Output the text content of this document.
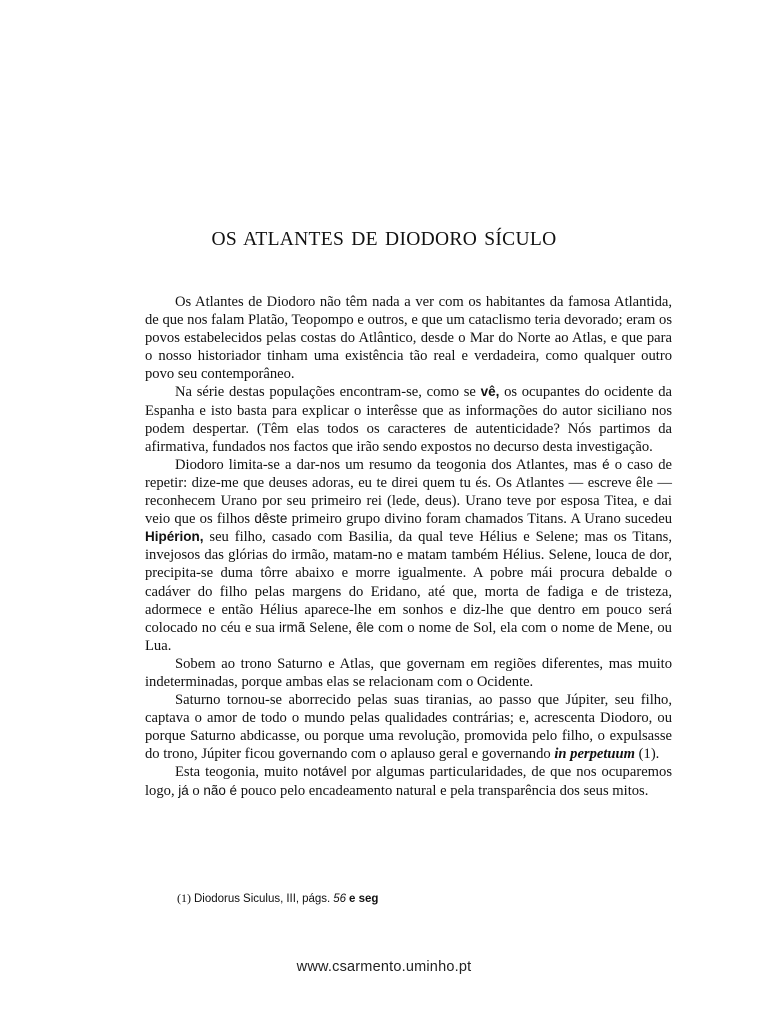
OS ATLANTES DE DIODORO SÍCULO

Os Atlantes de Diodoro não têm nada a ver com os habitantes da famosa Atlantida, de que nos falam Platão, Teopompo e outros, e que um cataclismo teria devorado; eram os povos estabelecidos pelas costas do Atlântico, desde o Mar do Norte ao Atlas, e que para o nosso historiador tinham uma existência tão real e verdadeira, como qualquer outro povo seu contemporâneo.

Na série destas populações encontram-se, como se vê, os ocupantes do ocidente da Espanha e isto basta para explicar o interêsse que as informações do autor siciliano nos podem despertar. (Têm elas todos os caracteres de autenticidade? Nós partimos da afirmativa, fundados nos factos que irão sendo expostos no decurso desta investigação.

Diodoro limita-se a dar-nos um resumo da teogonia dos Atlantes, mas é o caso de repetir: dize-me que deuses adoras, eu te direi quem tu és. Os Atlantes — escreve êle — reconhecem Urano por seu primeiro rei (lede, deus). Urano teve por esposa Titea, e dai veio que os filhos dêste primeiro grupo divino foram chamados Titans. A Urano sucedeu Hipérion, seu filho, casado com Basilia, da qual teve Hélius e Selene; mas os Titans, invejosos das glórias do irmão, matam-no e matam também Hélius. Selene, louca de dor, precipita-se duma tôrre abaixo e morre igualmente. A pobre mái procura debalde o cadáver do filho pelas margens do Eridano, até que, morta de fadiga e de tristeza, adormece e então Hélius aparece-lhe em sonhos e diz-lhe que dentro em pouco será colocado no céu e sua irmã Selene, êle com o nome de Sol, ela com o nome de Mene, ou Lua.

Sobem ao trono Saturno e Atlas, que governam em regiões diferentes, mas muito indeterminadas, porque ambas elas se relacionam com o Ocidente.

Saturno tornou-se aborrecido pelas suas tiranias, ao passo que Júpiter, seu filho, captava o amor de todo o mundo pelas qualidades contrárias; e, acrescenta Diodoro, ou porque Saturno abdicasse, ou porque uma revolução, promovida pelo filho, o expulsasse do trono, Júpiter ficou governando com o aplauso geral e governando in perpetuum (1).

Esta teogonia, muito notável por algumas particularidades, de que nos ocuparemos logo, já o não é pouco pelo encadeamento natural e pela transparência dos seus mitos.

(1) Diodorus Siculus, III, págs. 56 e seg
www.csarmento.uminho.pt
